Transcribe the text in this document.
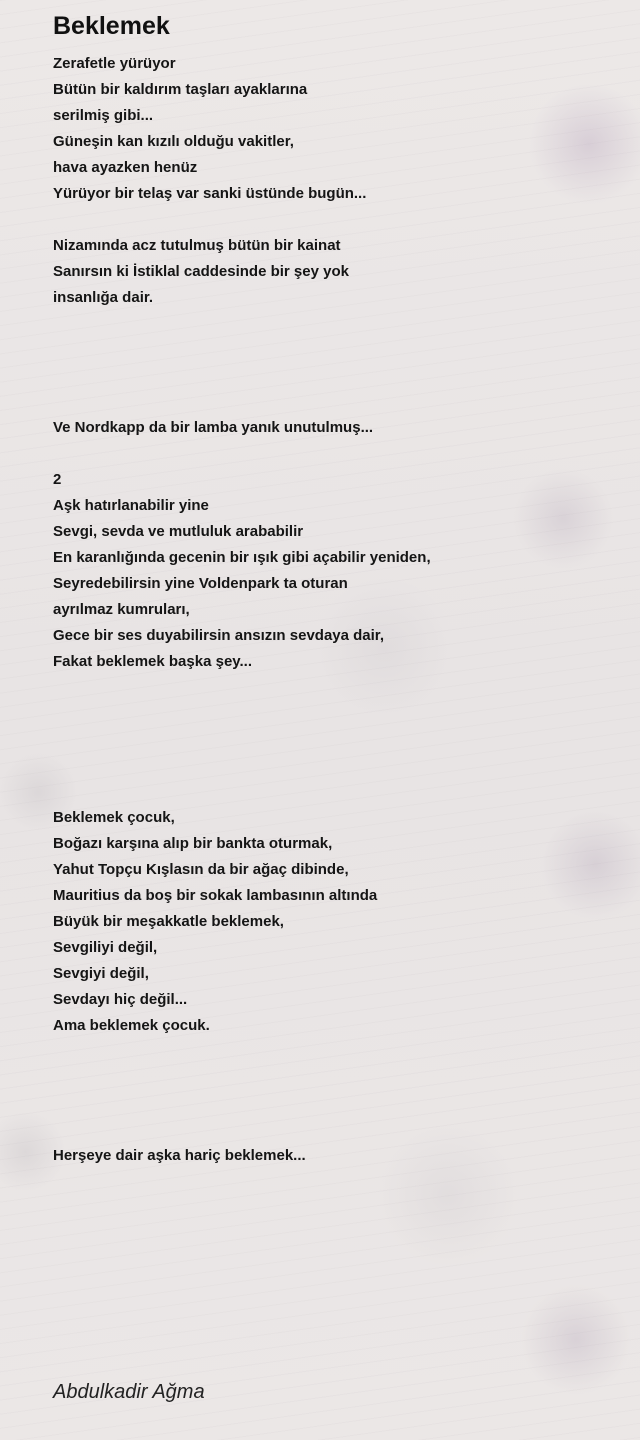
Beklemek
Zerafetle yürüyor
Bütün bir kaldırım taşları ayaklarına
serilmiş gibi...
Güneşin kan kızılı olduğu vakitler,
hava ayazken henüz
Yürüyor bir telaş var sanki üstünde bugün...
Nizamında acz tutulmuş bütün bir kainat
Sanırsın ki İstiklal caddesinde bir şey yok
insanlığa dair.
Ve Nordkapp da bir lamba yanık unutulmuş...
2
Aşk hatırlanabilir yine
Sevgi, sevda ve mutluluk arababilir
En karanlığında gecenin bir ışık gibi açabilir yeniden,
Seyredebilirsin yine Voldenpark ta oturan
ayrılmaz kumruları,
Gece bir ses duyabilirsin ansızın sevdaya dair,
Fakat beklemek başka şey...
Beklemek çocuk,
Boğazı karşına alıp bir bankta oturmak,
Yahut Topçu Kışlasın da bir ağaç dibinde,
Mauritius da boş bir sokak lambasının altında
Büyük bir meşakkatle beklemek,
Sevgiliyi değil,
Sevgiyi değil,
Sevdayı hiç değil...
Ama beklemek çocuk.
Herşeye dair aşka hariç beklemek...
Abdulkadir Ağma
